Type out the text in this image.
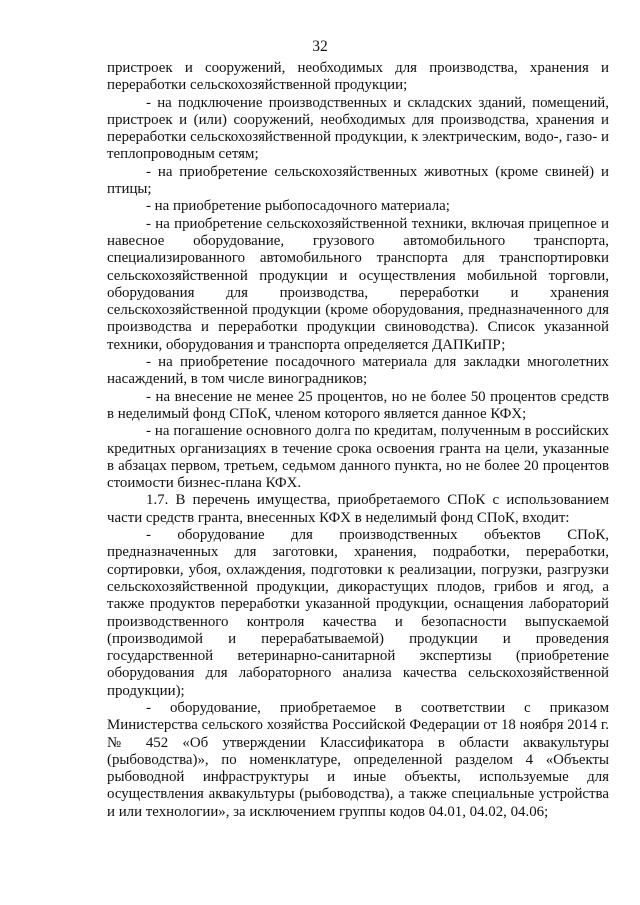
32

пристроек и сооружений, необходимых для производства, хранения и переработки сельскохозяйственной продукции;

- на подключение производственных и складских зданий, помещений, пристроек и (или) сооружений, необходимых для производства, хранения и переработки сельскохозяйственной продукции, к электрическим, водо-, газо- и теплопроводным сетям;

- на приобретение сельскохозяйственных животных (кроме свиней) и птицы;

- на приобретение рыбопосадочного материала;

- на приобретение сельскохозяйственной техники, включая прицепное и навесное оборудование, грузового автомобильного транспорта, специализированного автомобильного транспорта для транспортировки сельскохозяйственной продукции и осуществления мобильной торговли, оборудования для производства, переработки и хранения сельскохозяйственной продукции (кроме оборудования, предназначенного для производства и переработки продукции свиноводства). Список указанной техники, оборудования и транспорта определяется ДАПКиПР;

- на приобретение посадочного материала для закладки многолетних насаждений, в том числе виноградников;

- на внесение не менее 25 процентов, но не более 50 процентов средств в неделимый фонд СПоК, членом которого является данное КФХ;

- на погашение основного долга по кредитам, полученным в российских кредитных организациях в течение срока освоения гранта на цели, указанные в абзацах первом, третьем, седьмом данного пункта, но не более 20 процентов стоимости бизнес-плана КФХ.

1.7. В перечень имущества, приобретаемого СПоК с использованием части средств гранта, внесенных КФХ в неделимый фонд СПоК, входит:

- оборудование для производственных объектов СПоК, предназначенных для заготовки, хранения, подработки, переработки, сортировки, убоя, охлаждения, подготовки к реализации, погрузки, разгрузки сельскохозяйственной продукции, дикорастущих плодов, грибов и ягод, а также продуктов переработки указанной продукции, оснащения лабораторий производственного контроля качества и безопасности выпускаемой (производимой и перерабатываемой) продукции и проведения государственной ветеринарно-санитарной экспертизы (приобретение оборудования для лабораторного анализа качества сельскохозяйственной продукции);

- оборудование, приобретаемое в соответствии с приказом Министерства сельского хозяйства Российской Федерации от 18 ноября 2014 г. № 452 «Об утверждении Классификатора в области аквакультуры (рыбоводства)», по номенклатуре, определенной разделом 4 «Объекты рыбоводной инфраструктуры и иные объекты, используемые для осуществления аквакультуры (рыбоводства), а также специальные устройства и или технологии», за исключением группы кодов 04.01, 04.02, 04.06;
